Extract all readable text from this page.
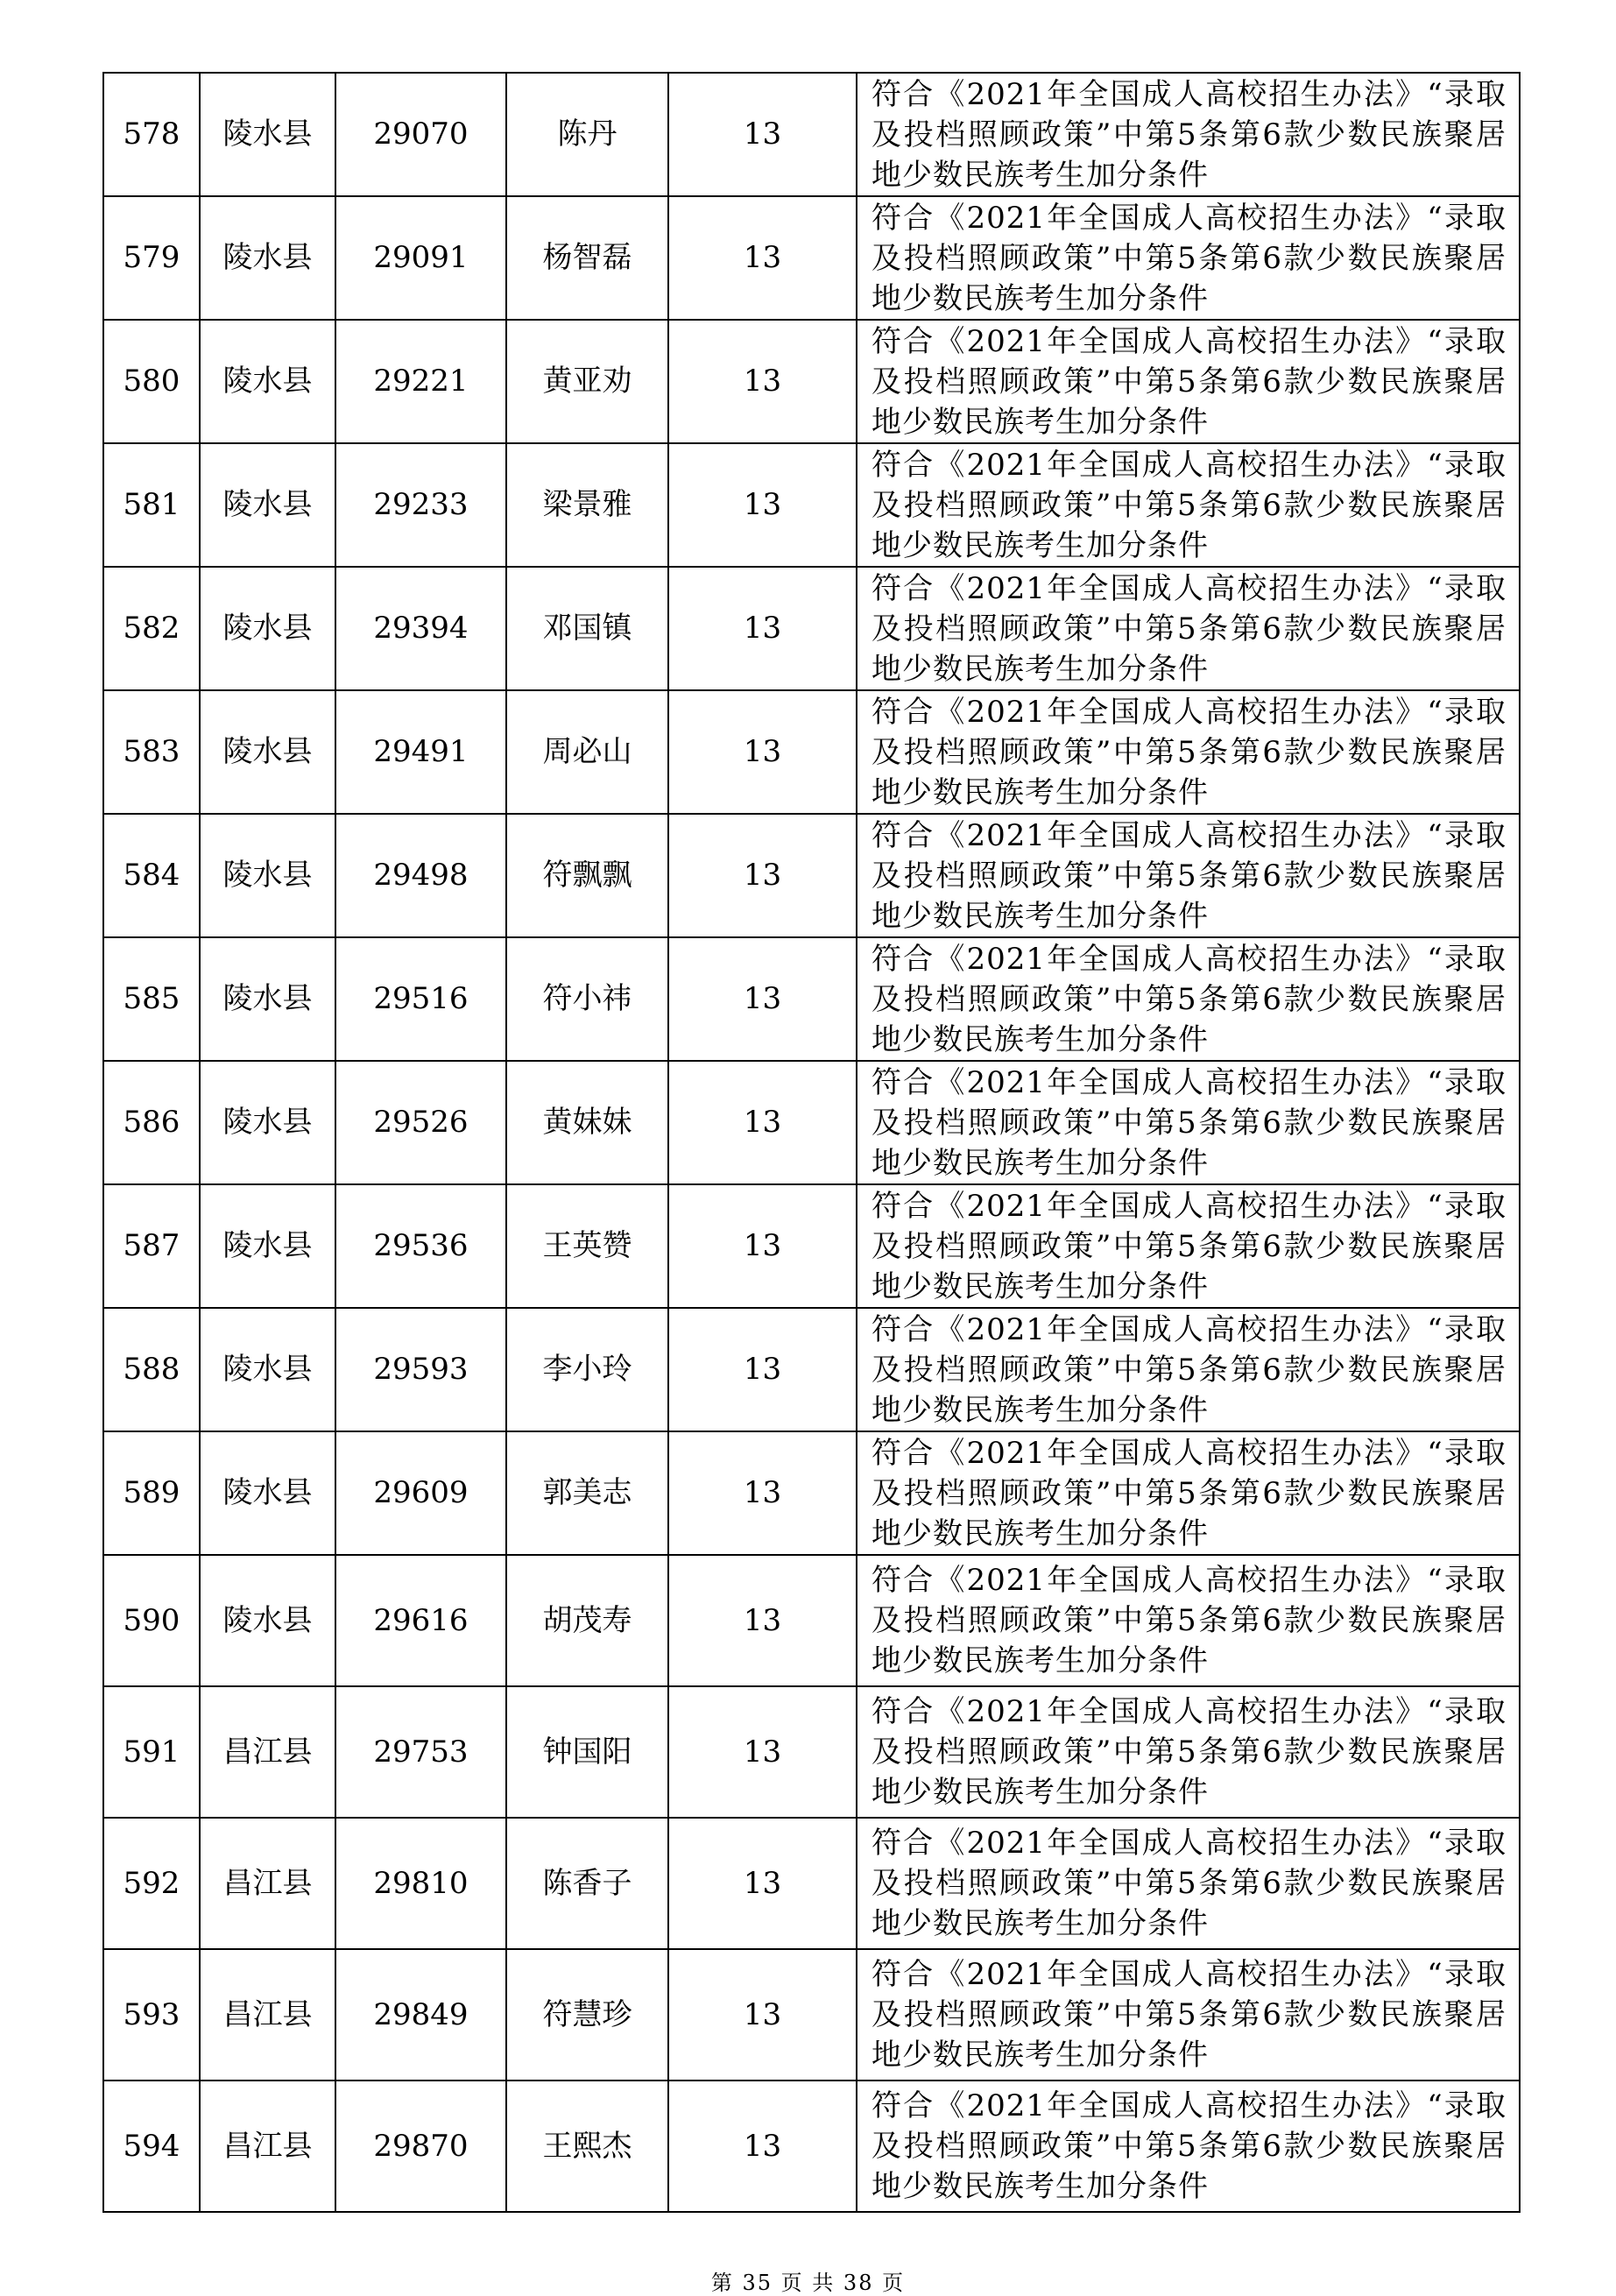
578	陵水县	29070	陈丹	13	符合《2021年全国成人高校招生办法》“录取及投档照顾政策”中第5条第6款少数民族聚居地少数民族考生加分条件
579	陵水县	29091	杨智磊	13	符合《2021年全国成人高校招生办法》“录取及投档照顾政策”中第5条第6款少数民族聚居地少数民族考生加分条件
580	陵水县	29221	黄亚劝	13	符合《2021年全国成人高校招生办法》“录取及投档照顾政策”中第5条第6款少数民族聚居地少数民族考生加分条件
581	陵水县	29233	梁景雅	13	符合《2021年全国成人高校招生办法》“录取及投档照顾政策”中第5条第6款少数民族聚居地少数民族考生加分条件
582	陵水县	29394	邓国镇	13	符合《2021年全国成人高校招生办法》“录取及投档照顾政策”中第5条第6款少数民族聚居地少数民族考生加分条件
583	陵水县	29491	周必山	13	符合《2021年全国成人高校招生办法》“录取及投档照顾政策”中第5条第6款少数民族聚居地少数民族考生加分条件
584	陵水县	29498	符飘飘	13	符合《2021年全国成人高校招生办法》“录取及投档照顾政策”中第5条第6款少数民族聚居地少数民族考生加分条件
585	陵水县	29516	符小祎	13	符合《2021年全国成人高校招生办法》“录取及投档照顾政策”中第5条第6款少数民族聚居地少数民族考生加分条件
586	陵水县	29526	黄妹妹	13	符合《2021年全国成人高校招生办法》“录取及投档照顾政策”中第5条第6款少数民族聚居地少数民族考生加分条件
587	陵水县	29536	王英赞	13	符合《2021年全国成人高校招生办法》“录取及投档照顾政策”中第5条第6款少数民族聚居地少数民族考生加分条件
588	陵水县	29593	李小玲	13	符合《2021年全国成人高校招生办法》“录取及投档照顾政策”中第5条第6款少数民族聚居地少数民族考生加分条件
589	陵水县	29609	郭美志	13	符合《2021年全国成人高校招生办法》“录取及投档照顾政策”中第5条第6款少数民族聚居地少数民族考生加分条件
590	陵水县	29616	胡茂寿	13	符合《2021年全国成人高校招生办法》“录取及投档照顾政策”中第5条第6款少数民族聚居地少数民族考生加分条件
591	昌江县	29753	钟国阳	13	符合《2021年全国成人高校招生办法》“录取及投档照顾政策”中第5条第6款少数民族聚居地少数民族考生加分条件
592	昌江县	29810	陈香子	13	符合《2021年全国成人高校招生办法》“录取及投档照顾政策”中第5条第6款少数民族聚居地少数民族考生加分条件
593	昌江县	29849	符慧珍	13	符合《2021年全国成人高校招生办法》“录取及投档照顾政策”中第5条第6款少数民族聚居地少数民族考生加分条件
594	昌江县	29870	王熙杰	13	符合《2021年全国成人高校招生办法》“录取及投档照顾政策”中第5条第6款少数民族聚居地少数民族考生加分条件
第 35 页 共 38 页
